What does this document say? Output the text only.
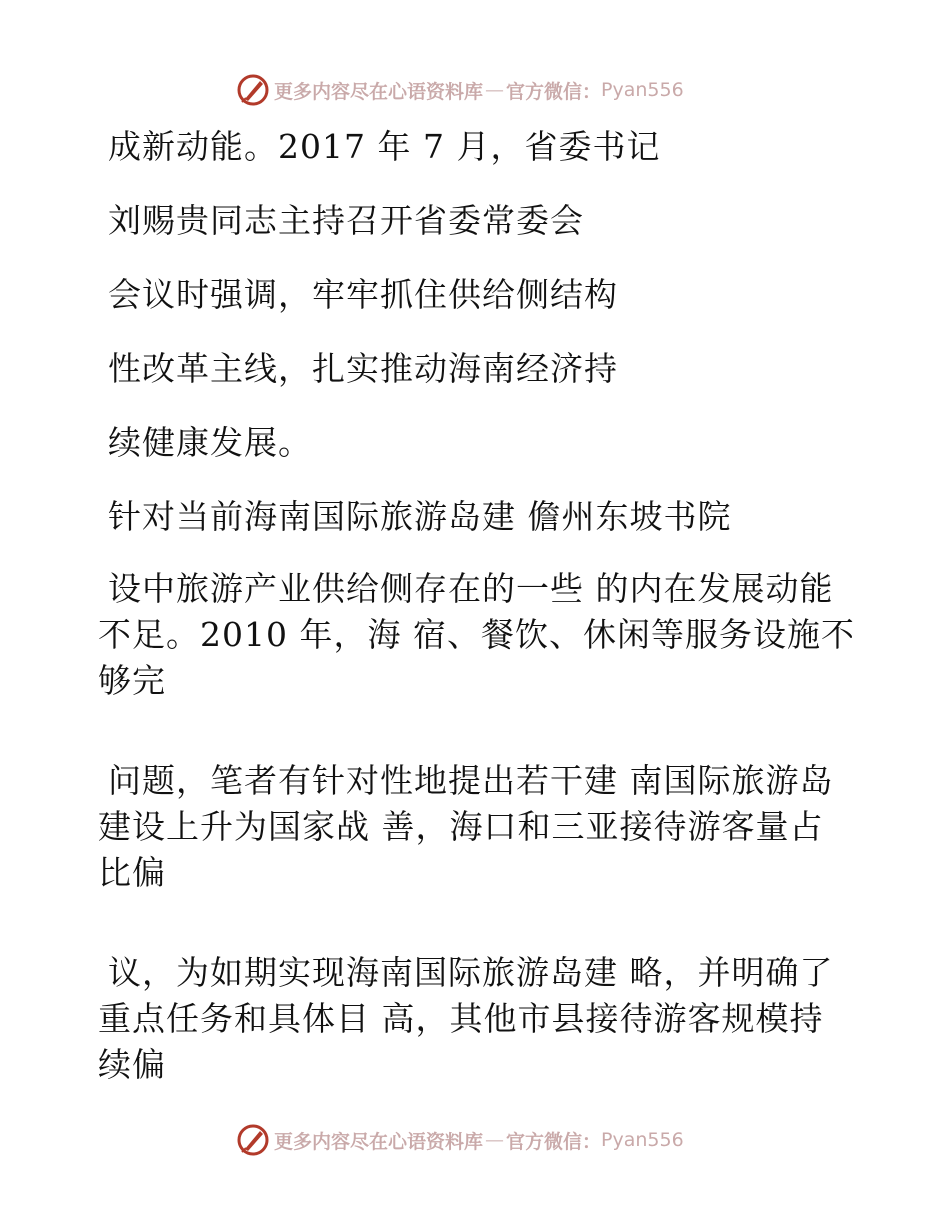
更多内容尽在心语资料库 — 官方微信： Pyan556
成新动能。2017 年 7 月，省委书记
刘赐贵同志主持召开省委常委会
会议时强调，牢牢抓住供给侧结构
性改革主线，扎实推动海南经济持
续健康发展。
针对当前海南国际旅游岛建 儋州东坡书院
设中旅游产业供给侧存在的一些 的内在发展动能
不足。2010 年，海 宿、餐饮、休闲等服务设施不
够完
问题，笔者有针对性地提出若干建 南国际旅游岛
建设上升为国家战 善，海口和三亚接待游客量占
比偏
议，为如期实现海南国际旅游岛建 略，并明确了
重点任务和具体目 高，其他市县接待游客规模持
续偏
更多内容尽在心语资料库 — 官方微信： Pyan556
